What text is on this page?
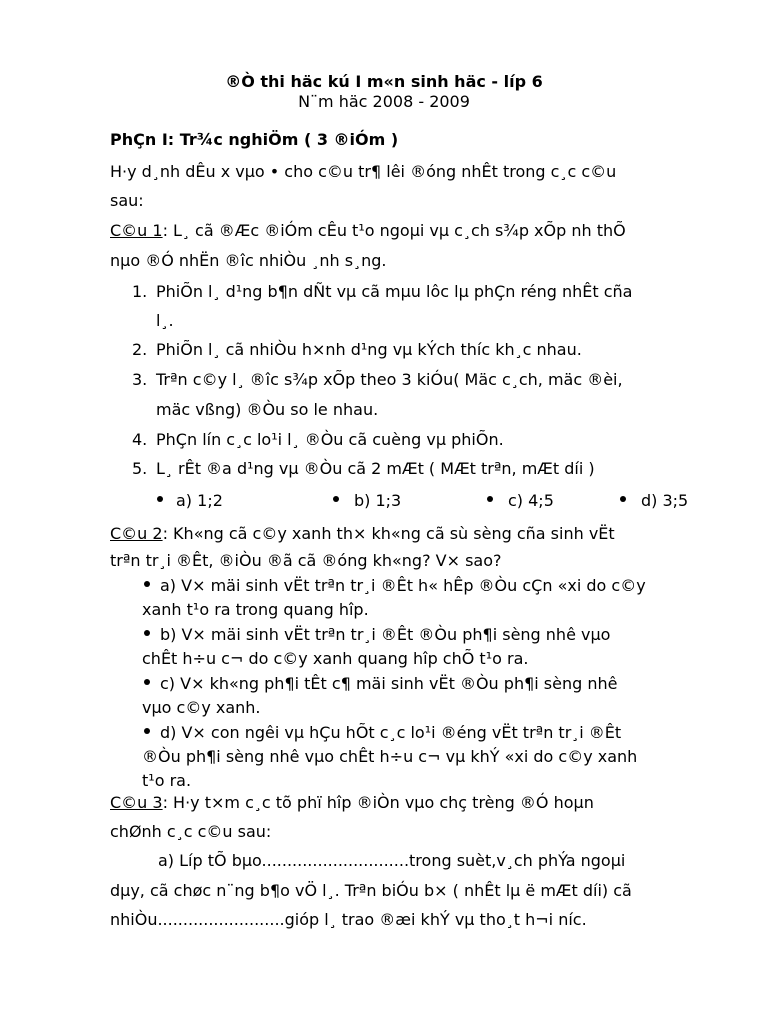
®Ò thi häc kú I m«n sinh häc - líp 6
N¨m häc 2008 - 2009
PhÇn I: Tr¾c nghiÖm ( 3 ®iÓm )
H·y d¸nh dÊu x vµo • cho c©u tr¶ lêi ®óng nhÊt trong c¸c c©u
sau:
C©u 1: L¸ cã ®Æc ®iÓm cÊu t¹o ngoµi vµ c¸ch s¾p xÕp nh thÕ
nµo ®Ó nhËn ®îc nhiÒu ¸nh s¸ng.
1. PhiÕn l¸ d¹ng b¶n dÑt vµ cã mµu lôc lµ phÇn réng nhÊt cña
l¸.
2. PhiÕn l¸ cã nhiÒu h×nh d¹ng vµ kÝch thíc kh¸c nhau.
3. Trªn c©y l¸ ®îc s¾p xÕp theo 3 kiÓu( Mäc c¸ch, mäc ®èi,
mäc vßng) ®Òu so le nhau.
4. PhÇn lín c¸c lo¹i l¸ ®Òu cã cuèng vµ phiÕn.
5. L¸ rÊt ®a d¹ng vµ ®Òu cã 2 mÆt ( MÆt trªn, mÆt díi )
a) 1;2	b) 1;3	c) 4;5	d) 3;5
C©u 2: Kh«ng cã c©y xanh th× kh«ng cã sù sèng cña sinh vËt
trªn tr¸i ®Êt, ®iÒu ®ã cã ®óng kh«ng? V× sao?
a) V× mäi sinh vËt trªn tr¸i ®Êt h« hÊp ®Òu cÇn «xi do c©y
xanh t¹o ra trong quang hîp.
b) V× mäi sinh vËt trªn tr¸i ®Êt ®Òu ph¶i sèng nhê vµo
chÊt h÷u c¬ do c©y xanh quang hîp chÕ t¹o ra.
c) V× kh«ng ph¶i tÊt c¶ mäi sinh vËt ®Òu ph¶i sèng nhê
vµo c©y xanh.
d) V× con ngêi vµ hÇu hÕt c¸c lo¹i ®éng vËt trªn tr¸i ®Êt
®Òu ph¶i sèng nhê vµo chÊt h÷u c¬ vµ khÝ «xi do c©y xanh
t¹o ra.
C©u 3: H·y t×m c¸c tõ phï hîp ®iÒn vµo chç trèng ®Ó hoµn
chØnh c¸c c©u sau:
a) Líp tÕ bµo.............................trong suèt,v¸ch phÝa ngoµi
dµy, cã chøc n¨ng b¶o vÖ l¸. Trªn biÓu b× ( nhÊt lµ ë mÆt díi) cã
nhiÒu.........................gióp l¸ trao ®æi khÝ vµ tho¸t h¬i níc.
